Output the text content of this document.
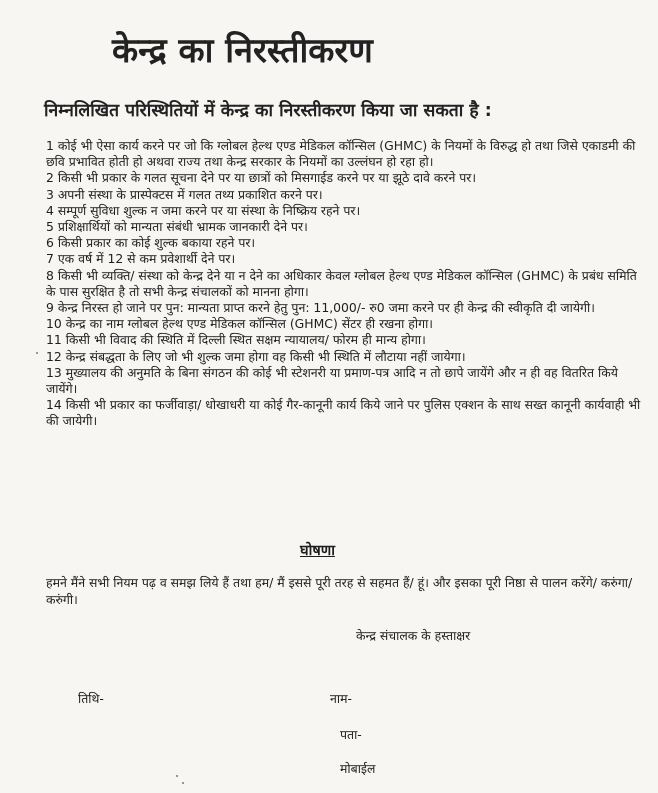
केन्द्र का निरस्तीकरण
निम्नलिखित परिस्थितियों में केन्द्र का निरस्तीकरण किया जा सकता है :

1 कोई भी ऐसा कार्य करने पर जो कि ग्लोबल हेल्थ एण्ड मेडिकल कॉन्सिल (GHMC) के नियमों के विरुद्ध हो तथा जिसे एकाडमी की छवि प्रभावित होती हो अथवा राज्य तथा केन्द्र सरकार के नियमों का उल्लंघन हो रहा हो।

2 किसी भी प्रकार के गलत सूचना देने पर या छात्रों को मिसगाईड करने पर या झूठे दावे करने पर।

3 अपनी संस्था के प्रास्पेक्टस में गलत तथ्य प्रकाशित करने पर।

4 सम्पूर्ण सुविधा शुल्क न जमा करने पर या संस्था के निष्क्रिय रहने पर।

5 प्रशिक्षार्थियों को मान्यता संबंधी भ्रामक जानकारी देने पर।

6 किसी प्रकार का कोई शुल्क बकाया रहने पर।

7 एक वर्ष में 12 से कम प्रवेशार्थी देने पर।

8 किसी भी व्यक्ति/ संस्था को केन्द्र देने या न देने का अधिकार केवल ग्लोबल हेल्थ एण्ड मेडिकल कॉन्सिल (GHMC) के प्रबंध समिति के पास सुरक्षित है तो सभी केन्द्र संचालकों को मानना होगा।

9 केन्द्र निरस्त हो जाने पर पुन: मान्यता प्राप्त करने हेतु पुन: 11,000/- रु0 जमा करने पर ही केन्द्र की स्वीकृति दी जायेगी।

10 केन्द्र का नाम ग्लोबल हेल्थ एण्ड मेडिकल कॉन्सिल (GHMC) सेंटर ही रखना होगा।

11 किसी भी विवाद की स्थिति में दिल्ली स्थित सक्षम न्यायालय/ फोरम ही मान्य होगा।

12 केन्द्र संबद्धता के लिए जो भी शुल्क जमा होगा वह किसी भी स्थिति में लौटाया नहीं जायेगा।

13 मुख्यालय की अनुमति के बिना संगठन की कोई भी स्टेशनरी या प्रमाण-पत्र आदि न तो छापे जायेंगे और न ही वह वितरित किये जायेंगे।

14 किसी भी प्रकार का फर्जीवाड़ा/ धोखाधरी या कोई गैर-कानूनी कार्य किये जाने पर पुलिस एक्शन के साथ सख्त कानूनी कार्यवाही भी की जायेगी।

घोषणा
हमने मैंने सभी नियम पढ़ व समझ लिये हैं तथा हम/ मैं इससे पूरी तरह से सहमत हैं/ हूं। और इसका पूरी निष्ठा से पालन करेंगे/ करुंगा/करुंगी।
केन्द्र संचालक के हस्ताक्षर
तिथि-	नाम-
पता-
मोबाईल
